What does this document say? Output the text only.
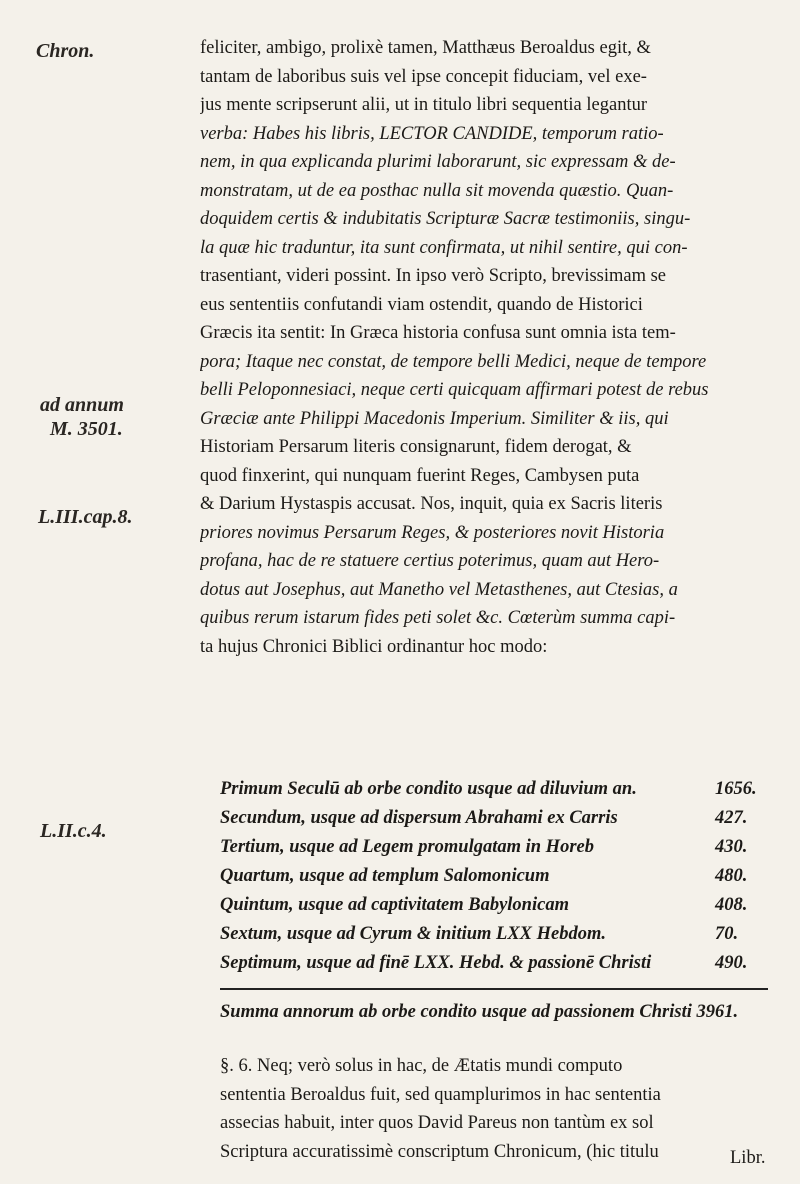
Chron.
ad annum
M. 3501.
L.III.cap.8.
L.II.c.4.
feliciter, ambigo, prolixè tamen, Matthæus Beroaldus egit, &
tantam de laboribus suis vel ipse concepit fiduciam, vel exe-
jus mente scripserunt alii, ut in titulo libri sequentia legantur
verba: Habes his libris, LECTOR CANDIDE, temporum ratio-
nem, in qua explicanda plurimi laborarunt, sic expressam & de-
monstratam, ut de ea posthac nulla sit movenda quæstio. Quan-
doquidem certis & indubitatis Scripturæ Sacræ testimoniis, singu-
la quæ hic traduntur, ita sunt confirmata, ut nihil sentire, qui con-
trasentiant, videri possint. In ipso verò Scripto, brevissimam se
eus sententiis confutandi viam ostendit, quando de Historici
Græcis ita sentit: In Græca historia confusa sunt omnia ista tem-
pora; Itaque nec constat, de tempore belli Medici, neque de tempore
belli Peloponnesiaci, neque certi quicquam affirmari potest de rebus
Græciæ ante Philippi Macedonis Imperium. Similiter & iis, qui
Historiam Persarum literis consignarunt, fidem derogat, &
quod finxerint, qui nunquam fuerint Reges, Cambysen puta
& Darium Hystaspis accusat. Nos, inquit, quia ex Sacris literis
priores novimus Persarum Reges, & posteriores novit Historia
profana, hac de re statuere certius poterimus, quam aut Hero-
dotus aut Josephus, aut Manetho vel Metasthenes, aut Ctesias, a
quibus rerum istarum fides peti solet &c. Cœterùm summa capi-
ta hujus Chronici Biblici ordinantur hoc modo:
Primum Seculū ab orbe condito usque ad diluvium an.	1656.
Secundum, usque ad dispersum Abrahami ex Carris	427.
Tertium, usque ad Legem promulgatam in Horeb	430.
Quartum, usque ad templum Salomonicum	480.
Quintum, usque ad captivitatem Babylonicam	408.
Sextum, usque ad Cyrum & initium LXX Hebdom.	70.
Septimum, usque ad finē LXX. Hebd. & passionē Christi	490.
Summa annorum ab orbe condito usque ad passionem Christi 3961.
§. 6. Neq; verò solus in hac, de Ætatis mundi computo
sententia Beroaldus fuit, sed quamplurimos in hac sententia
assecias habuit, inter quos David Pareus non tantùm ex sol
Scriptura accuratissimè conscriptum Chronicum, (hic titulu	Libr.
